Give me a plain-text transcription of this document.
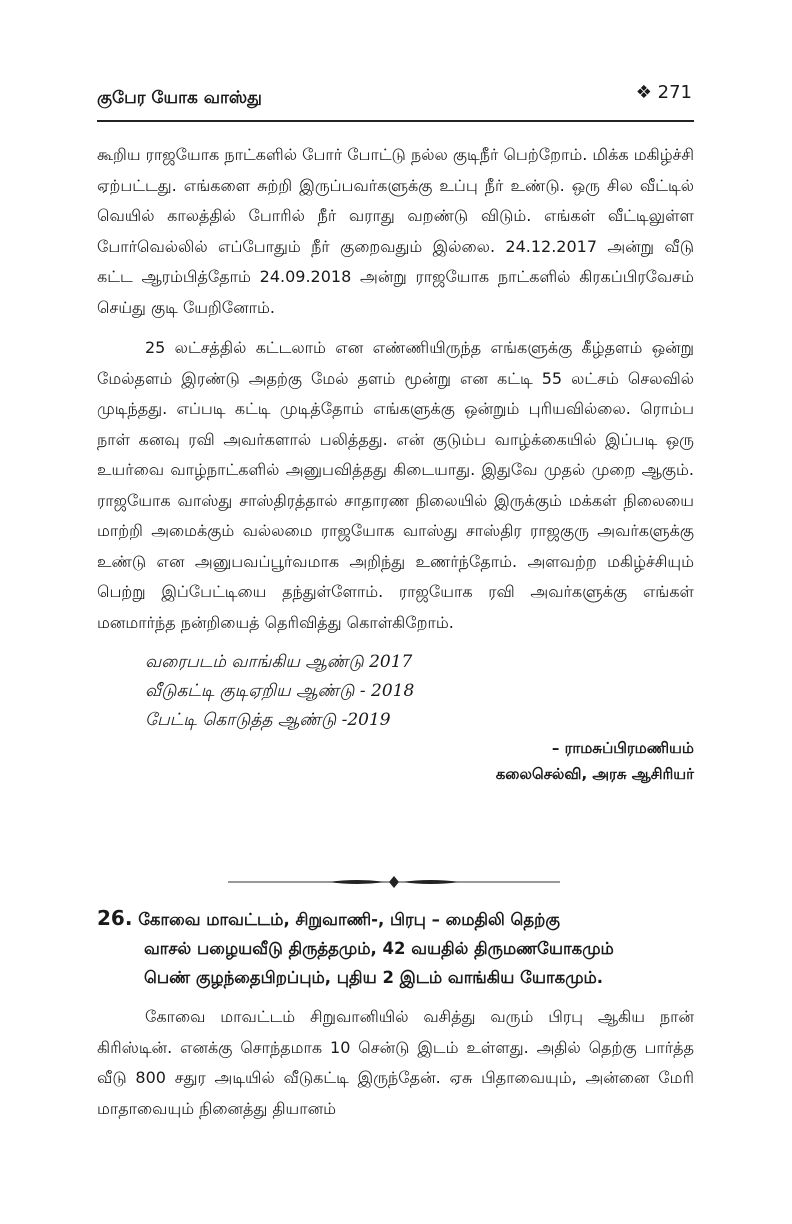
குபேர யோக வாஸ்து	❖ 271

கூறிய ராஜயோக நாட்களில் போர் போட்டு நல்ல குடிநீர் பெற்றோம். மிக்க மகிழ்ச்சி ஏற்பட்டது. எங்களை சுற்றி இருப்பவர்களுக்கு உப்பு நீர் உண்டு. ஒரு சில வீட்டில் வெயில் காலத்தில் போரில் நீர் வராது வறண்டு விடும். எங்கள் வீட்டிலுள்ள போர்வெல்லில் எப்போதும் நீர் குறைவதும் இல்லை. 24.12.2017 அன்று வீடு கட்ட ஆரம்பித்தோம் 24.09.2018 அன்று ராஜயோக நாட்களில் கிரகப்பிரவேசம் செய்து குடி யேறினோம்.

25 லட்சத்தில் கட்டலாம் என எண்ணியிருந்த எங்களுக்கு கீழ்தளம் ஒன்று மேல்தளம் இரண்டு அதற்கு மேல் தளம் மூன்று என கட்டி 55 லட்சம் செலவில் முடிந்தது. எப்படி கட்டி முடித்தோம் எங்களுக்கு ஒன்றும் புரியவில்லை. ரொம்ப நாள் கனவு ரவி அவர்களால் பலித்தது. என் குடும்ப வாழ்க்கையில் இப்படி ஒரு உயர்வை வாழ்நாட்களில் அனுபவித்தது கிடையாது. இதுவே முதல் முறை ஆகும். ராஜயோக வாஸ்து சாஸ்திரத்தால் சாதாரண நிலையில் இருக்கும் மக்கள் நிலையை மாற்றி அமைக்கும் வல்லமை ராஜயோக வாஸ்து சாஸ்திர ராஜகுரு அவர்களுக்கு உண்டு என அனுபவப்பூர்வமாக அறிந்து உணர்ந்தோம். அளவற்ற மகிழ்ச்சியும் பெற்று இப்பேட்டியை தந்துள்ளோம். ராஜயோக ரவி அவர்களுக்கு எங்கள் மனமார்ந்த நன்றியைத் தெரிவித்து கொள்கிறோம்.

வரைபடம் வாங்கிய ஆண்டு 2017
வீடுகட்டி குடிஏறிய ஆண்டு - 2018
பேட்டி கொடுத்த ஆண்டு -2019
– ராமசுப்பிரமணியம்
கலைசெல்வி, அரசு ஆசிரியர்
26. கோவை மாவட்டம், சிறுவாணி-, பிரபு – மைதிலி தெற்கு
வாசல் பழையவீடு திருத்தமும், 42 வயதில் திருமணயோகமும்
பெண் குழந்தைபிறப்பும், புதிய 2 இடம் வாங்கிய யோகமும்.

கோவை மாவட்டம் சிறுவானியில் வசித்து வரும் பிரபு ஆகிய நான் கிரிஸ்டின். எனக்கு சொந்தமாக 10 சென்டு இடம் உள்ளது. அதில் தெற்கு பார்த்த வீடு 800 சதுர அடியில் வீடுகட்டி இருந்தேன். ஏசு பிதாவையும், அன்னை மேரி மாதாவையும் நினைத்து தியானம்
